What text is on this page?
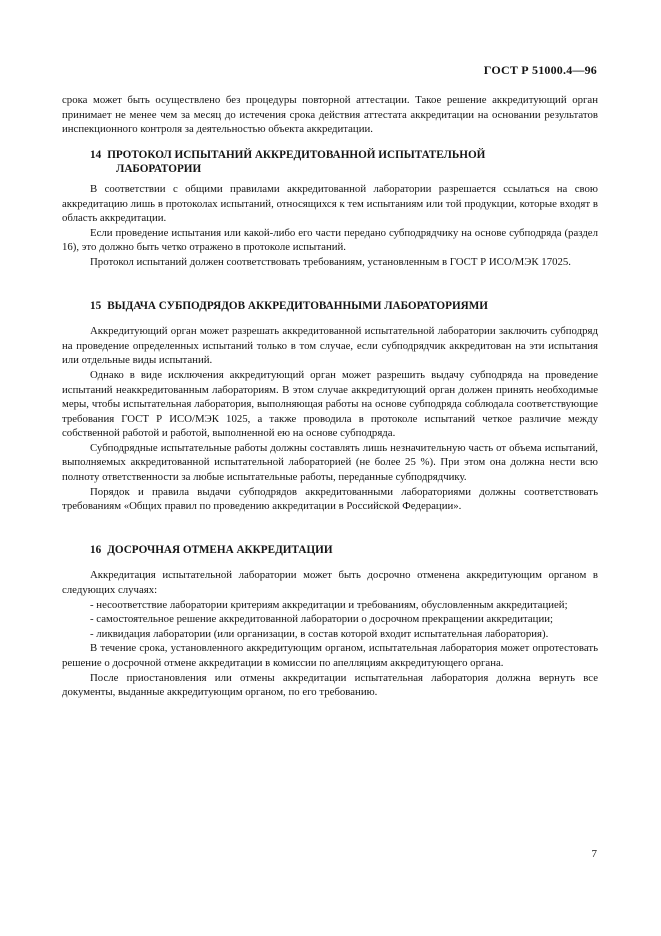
ГОСТ Р 51000.4—96

срока может быть осуществлено без процедуры повторной аттестации. Такое решение аккредитующий орган принимает не менее чем за месяц до истечения срока действия аттестата аккредитации на основании результатов инспекционного контроля за деятельностью объекта аккредитации.

14 ПРОТОКОЛ ИСПЫТАНИЙ АККРЕДИТОВАННОЙ ИСПЫТАТЕЛЬНОЙ
ЛАБОРАТОРИИ

В соответствии с общими правилами аккредитованной лаборатории разрешается ссылаться на свою аккредитацию лишь в протоколах испытаний, относящихся к тем испытаниям или той продукции, которые входят в область аккредитации.

Если проведение испытания или какой-либо его части передано субподрядчику на основе субподряда (раздел 16), это должно быть четко отражено в протоколе испытаний.

Протокол испытаний должен соответствовать требованиям, установленным в ГОСТ Р ИСО/МЭК 17025.

15 ВЫДАЧА СУБПОДРЯДОВ АККРЕДИТОВАННЫМИ ЛАБОРАТОРИЯМИ

Аккредитующий орган может разрешать аккредитованной испытательной лаборатории заключить субподряд на проведение определенных испытаний только в том случае, если субподрядчик аккредитован на эти испытания или отдельные виды испытаний.

Однако в виде исключения аккредитующий орган может разрешить выдачу субподряда на проведение испытаний неаккредитованным лабораториям. В этом случае аккредитующий орган должен принять необходимые меры, чтобы испытательная лаборатория, выполняющая работы на основе субподряда соблюдала соответствующие требования ГОСТ Р ИСО/МЭК 1025, а также проводила в протоколе испытаний четкое различие между собственной работой и работой, выполненной ею на основе субподряда.

Субподрядные испытательные работы должны составлять лишь незначительную часть от объема испытаний, выполняемых аккредитованной испытательной лабораторией (не более 25 %). При этом она должна нести всю полноту ответственности за любые испытательные работы, переданные субподрядчику.

Порядок и правила выдачи субподрядов аккредитованными лабораториями должны соответствовать требованиям «Общих правил по проведению аккредитации в Российской Федерации».

16 ДОСРОЧНАЯ ОТМЕНА АККРЕДИТАЦИИ

Аккредитация испытательной лаборатории может быть досрочно отменена аккредитующим органом в следующих случаях:

- несоответствие лаборатории критериям аккредитации и требованиям, обусловленным аккредитацией;

- самостоятельное решение аккредитованной лаборатории о досрочном прекращении аккредитации;

- ликвидация лаборатории (или организации, в состав которой входит испытательная лаборатория).

В течение срока, установленного аккредитующим органом, испытательная лаборатория может опротестовать решение о досрочной отмене аккредитации в комиссии по апелляциям аккредитующего органа.

После приостановления или отмены аккредитации испытательная лаборатория должна вернуть все документы, выданные аккредитующим органом, по его требованию.

7
